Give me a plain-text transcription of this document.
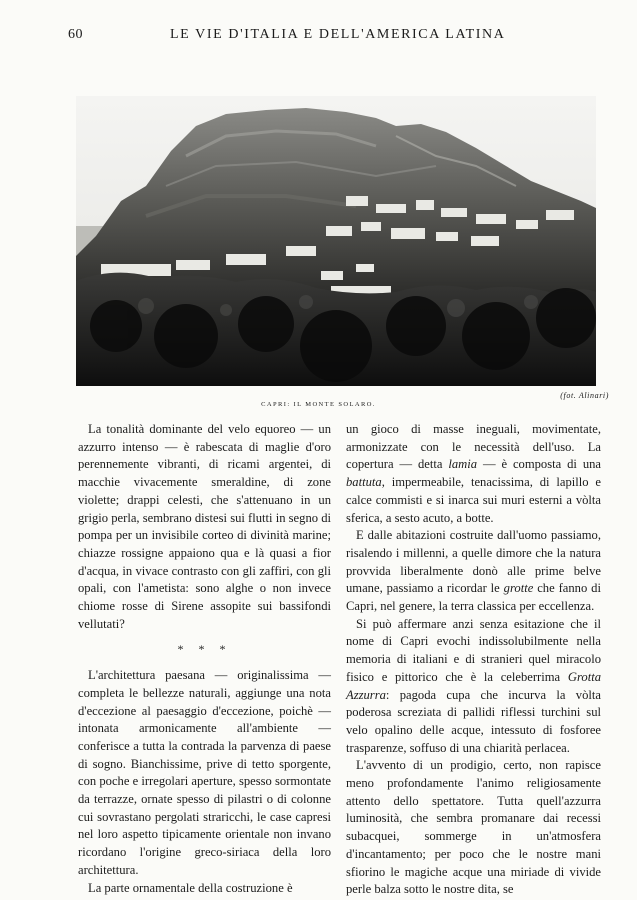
60	LE VIE D'ITALIA E DELL'AMERICA LATINA
CAPRI: IL MONTE SOLARO.
(fot. Alinari)

La tonalità dominante del velo equoreo — un azzurro intenso — è rabescata di maglie d'oro perennemente vibranti, di ricami argentei, di macchie vivacemente smeraldine, di zone violette; drappi celesti, che s'attenuano in un grigio perla, sembrano distesi sui flutti in segno di pompa per un invisibile corteo di divinità marine; chiazze rossigne appaiono qua e là quasi a fior d'acqua, in vivace contrasto con gli zaffiri, con gli opali, con l'ametista: sono alghe o non invece chiome rosse di Sirene assopite sui bassifondi vellutati?

* * *

L'architettura paesana — originalissima — completa le bellezze naturali, aggiunge una nota d'eccezione al paesaggio d'eccezione, poichè — intonata armonicamente all'ambiente — conferisce a tutta la contrada la parvenza di paese di sogno. Bianchissime, prive di tetto sporgente, con poche e irregolari aperture, spesso sormontate da terrazze, ornate spesso di pilastri o di colonne cui sovrastano pergolati straricchi, le case capresi nel loro aspetto tipicamente orientale non invano ricordano l'origine greco-siriaca della loro architettura.

La parte ornamentale della costruzione è

un gioco di masse ineguali, movimentate, armonizzate con le necessità dell'uso. La copertura — detta lamia — è composta di una battuta, impermeabile, tenacissima, di lapillo e calce commisti e si inarca sui muri esterni a vòlta sferica, a sesto acuto, a botte.

E dalle abitazioni costruite dall'uomo passiamo, risalendo i millenni, a quelle dimore che la natura provvida liberalmente donò alle prime belve umane, passiamo a ricordar le grotte che fanno di Capri, nel genere, la terra classica per eccellenza.

Si può affermare anzi senza esitazione che il nome di Capri evochi indissolubilmente nella memoria di italiani e di stranieri quel miracolo fisico e pittorico che è la celeberrima Grotta Azzurra: pagoda cupa che incurva la vòlta poderosa screziata di pallidi riflessi turchini sul velo opalino delle acque, intessuto di fosforee trasparenze, soffuso di una chiarità perlacea.

L'avvento di un prodigio, certo, non rapisce meno profondamente l'animo religiosamente attento dello spettatore. Tutta quell'azzurra luminosità, che sembra promanare dai recessi subacquei, sommerge in un'atmosfera d'incantamento; per poco che le nostre mani sfiorino le magiche acque una miriade di vivide perle balza sotto le nostre dita, se
